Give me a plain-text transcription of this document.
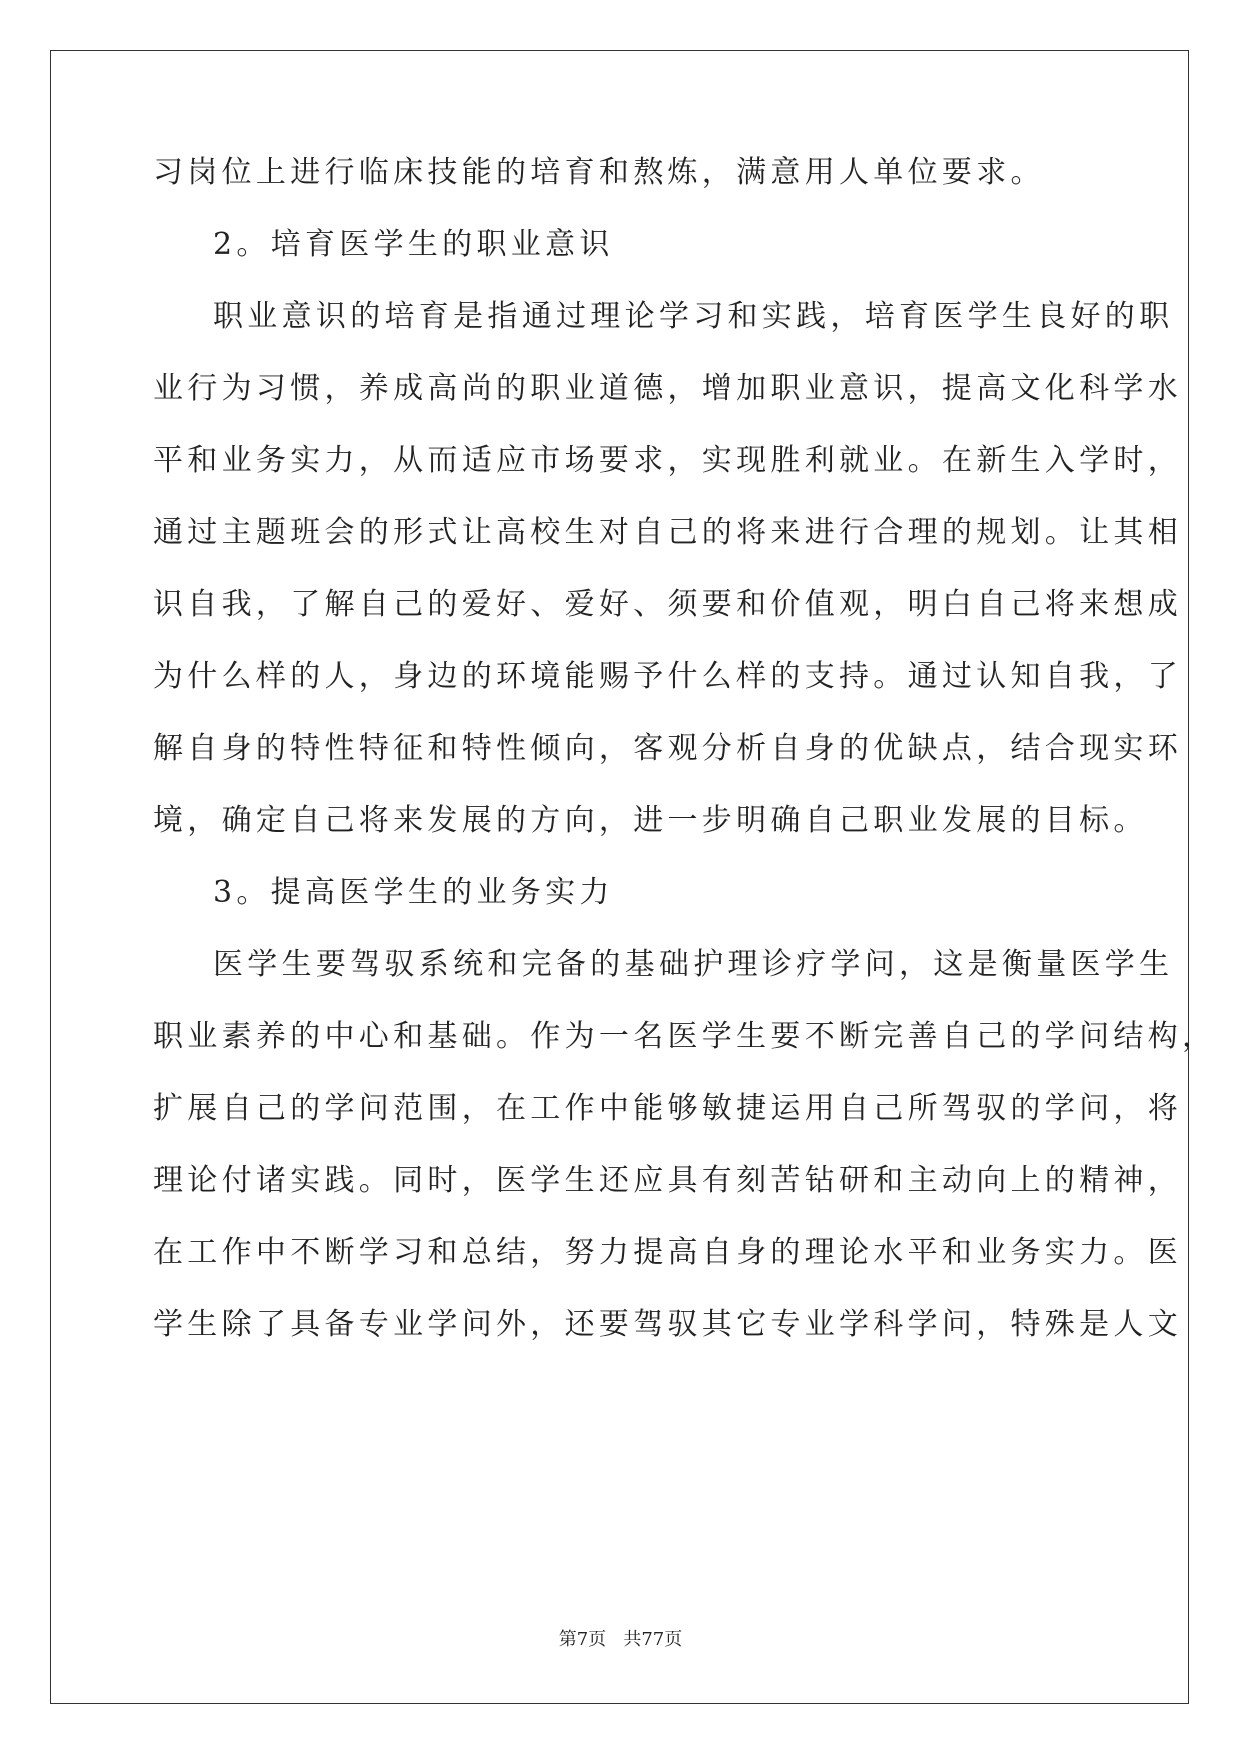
习岗位上进行临床技能的培育和熬炼，满意用人单位要求。
2。培育医学生的职业意识
职业意识的培育是指通过理论学习和实践，培育医学生良好的职
业行为习惯，养成高尚的职业道德，增加职业意识，提高文化科学水
平和业务实力，从而适应市场要求，实现胜利就业。在新生入学时，
通过主题班会的形式让高校生对自己的将来进行合理的规划。让其相
识自我，了解自己的爱好、爱好、须要和价值观，明白自己将来想成
为什么样的人，身边的环境能赐予什么样的支持。通过认知自我，了
解自身的特性特征和特性倾向，客观分析自身的优缺点，结合现实环
境，确定自己将来发展的方向，进一步明确自己职业发展的目标。
3。提高医学生的业务实力
医学生要驾驭系统和完备的基础护理诊疗学问，这是衡量医学生
职业素养的中心和基础。作为一名医学生要不断完善自己的学问结构，
扩展自己的学问范围，在工作中能够敏捷运用自己所驾驭的学问，将
理论付诸实践。同时，医学生还应具有刻苦钻研和主动向上的精神，
在工作中不断学习和总结，努力提高自身的理论水平和业务实力。医
学生除了具备专业学问外，还要驾驭其它专业学科学问，特殊是人文
第7页   共77页
